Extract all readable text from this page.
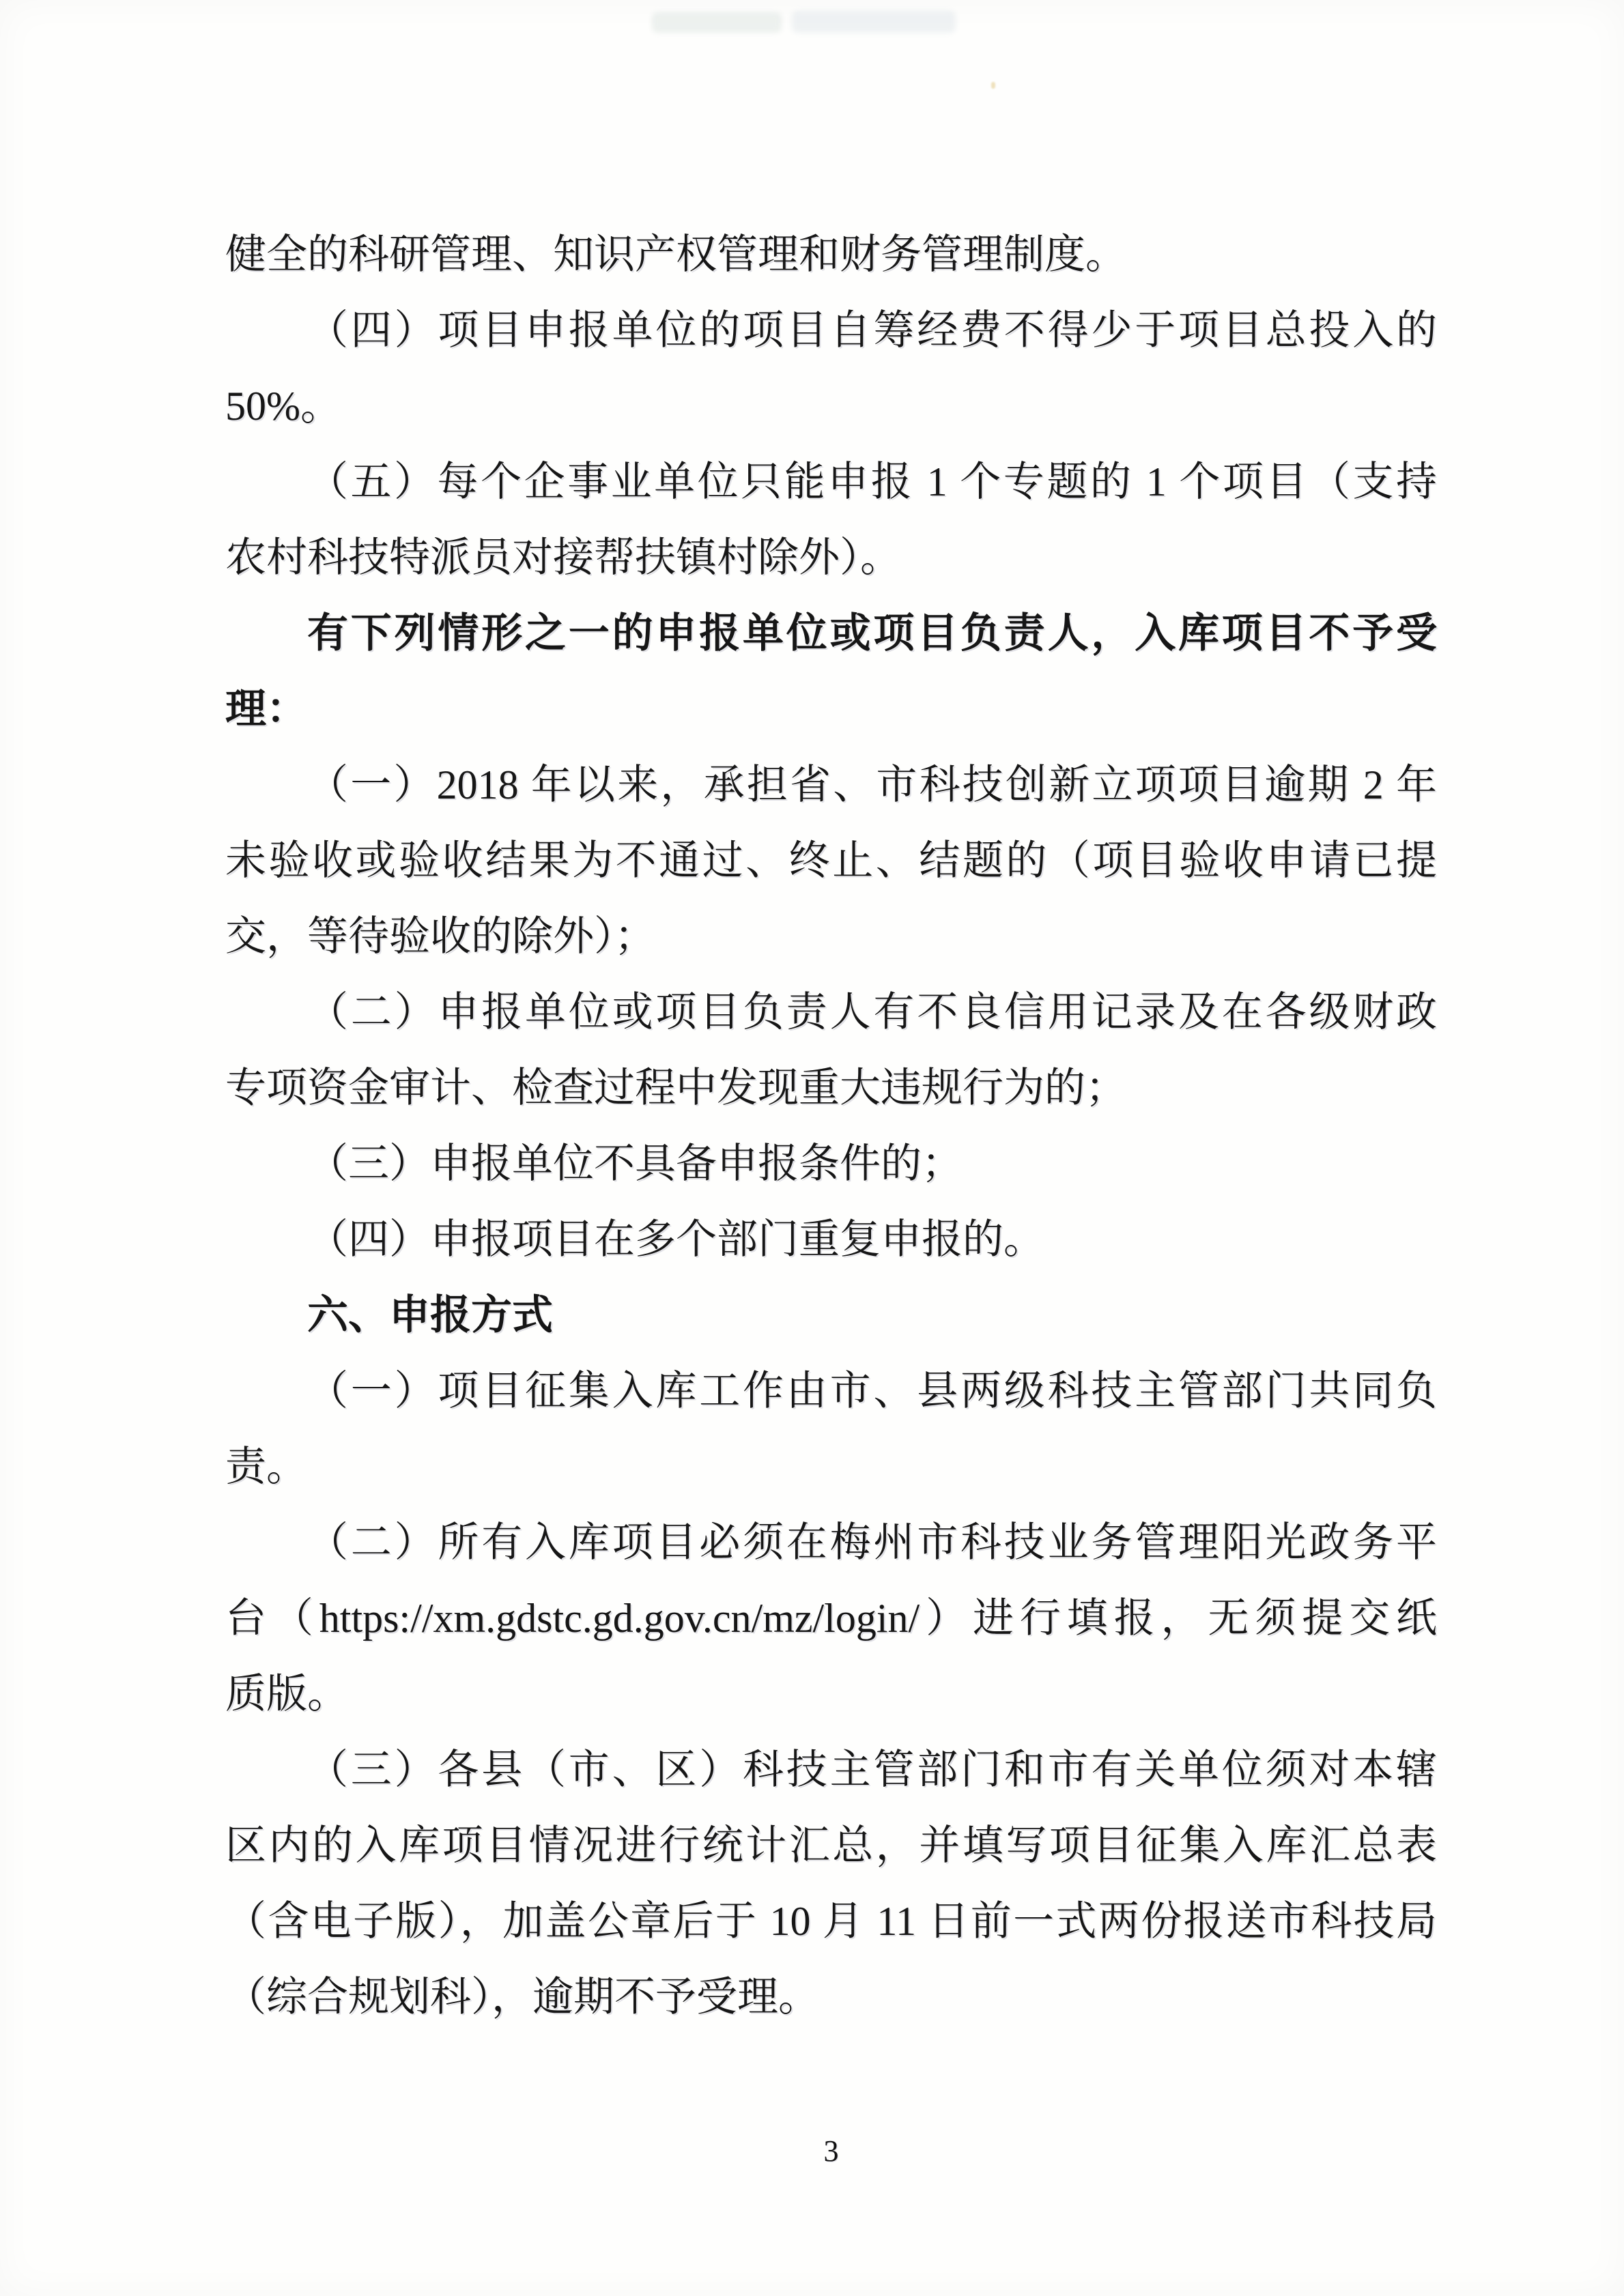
健全的科研管理、知识产权管理和财务管理制度。
（四）项目申报单位的项目自筹经费不得少于项目总投入的
50%。
（五）每个企事业单位只能申报 1 个专题的 1 个项目（支持
农村科技特派员对接帮扶镇村除外）。
有下列情形之一的申报单位或项目负责人，入库项目不予受
理：
（一）2018 年以来，承担省、市科技创新立项项目逾期 2 年
未验收或验收结果为不通过、终止、结题的（项目验收申请已提
交，等待验收的除外）；
（二）申报单位或项目负责人有不良信用记录及在各级财政
专项资金审计、检查过程中发现重大违规行为的；
（三）申报单位不具备申报条件的；
（四）申报项目在多个部门重复申报的。
六、申报方式
（一）项目征集入库工作由市、县两级科技主管部门共同负
责。
（二）所有入库项目必须在梅州市科技业务管理阳光政务平
台（https://xm.gdstc.gd.gov.cn/mz/login/）进行填报，无须提交纸
质版。
（三）各县（市、区）科技主管部门和市有关单位须对本辖
区内的入库项目情况进行统计汇总，并填写项目征集入库汇总表
（含电子版），加盖公章后于 10 月 11 日前一式两份报送市科技局
（综合规划科），逾期不予受理。
3
